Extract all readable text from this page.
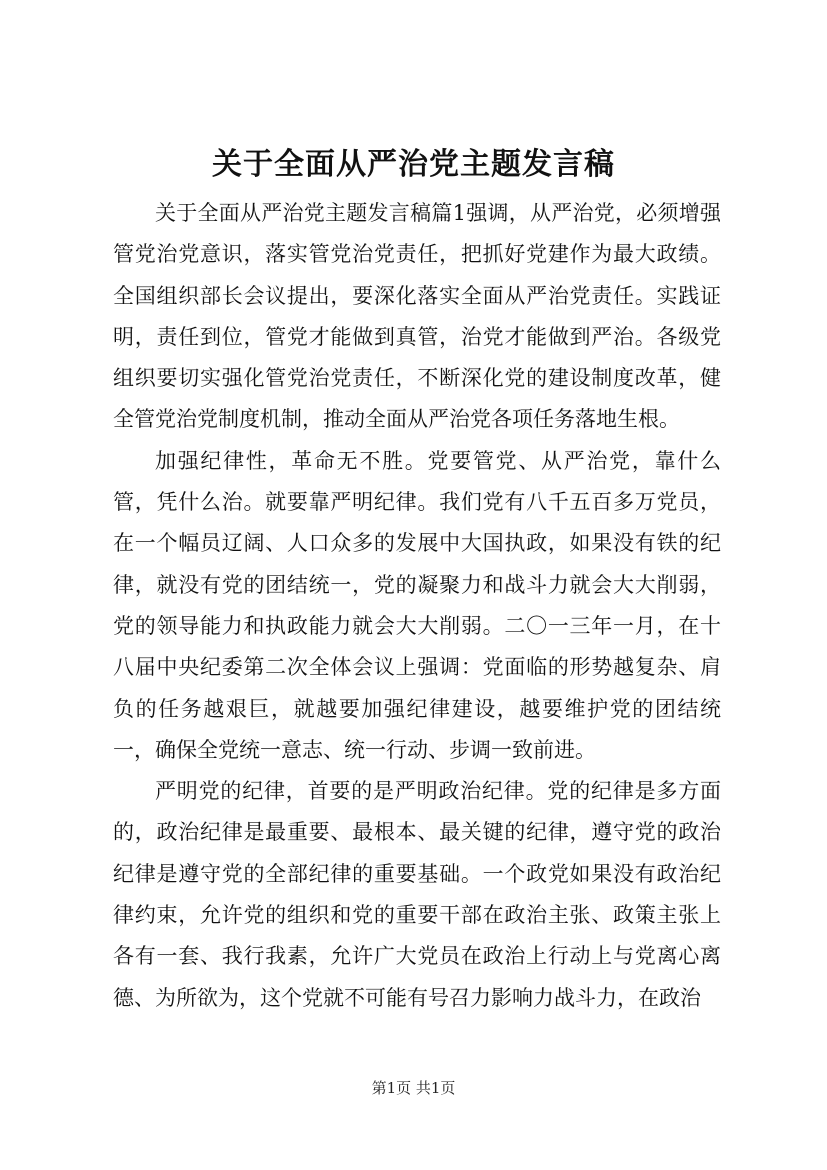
关于全面从严治党主题发言稿

关于全面从严治党主题发言稿篇1强调，从严治党，必须增强管党治党意识，落实管党治党责任，把抓好党建作为最大政绩。全国组织部长会议提出，要深化落实全面从严治党责任。实践证明，责任到位，管党才能做到真管，治党才能做到严治。各级党组织要切实强化管党治党责任，不断深化党的建设制度改革，健全管党治党制度机制，推动全面从严治党各项任务落地生根。

加强纪律性，革命无不胜。党要管党、从严治党，靠什么管，凭什么治。就要靠严明纪律。我们党有八千五百多万党员，在一个幅员辽阔、人口众多的发展中大国执政，如果没有铁的纪律，就没有党的团结统一，党的凝聚力和战斗力就会大大削弱，党的领导能力和执政能力就会大大削弱。二〇一三年一月，在十八届中央纪委第二次全体会议上强调：党面临的形势越复杂、肩负的任务越艰巨，就越要加强纪律建设，越要维护党的团结统一，确保全党统一意志、统一行动、步调一致前进。

严明党的纪律，首要的是严明政治纪律。党的纪律是多方面的，政治纪律是最重要、最根本、最关键的纪律，遵守党的政治纪律是遵守党的全部纪律的重要基础。一个政党如果没有政治纪律约束，允许党的组织和党的重要干部在政治主张、政策主张上各有一套、我行我素，允许广大党员在政治上行动上与党离心离德、为所欲为，这个党就不可能有号召力影响力战斗力，在政治

第1页 共1页
